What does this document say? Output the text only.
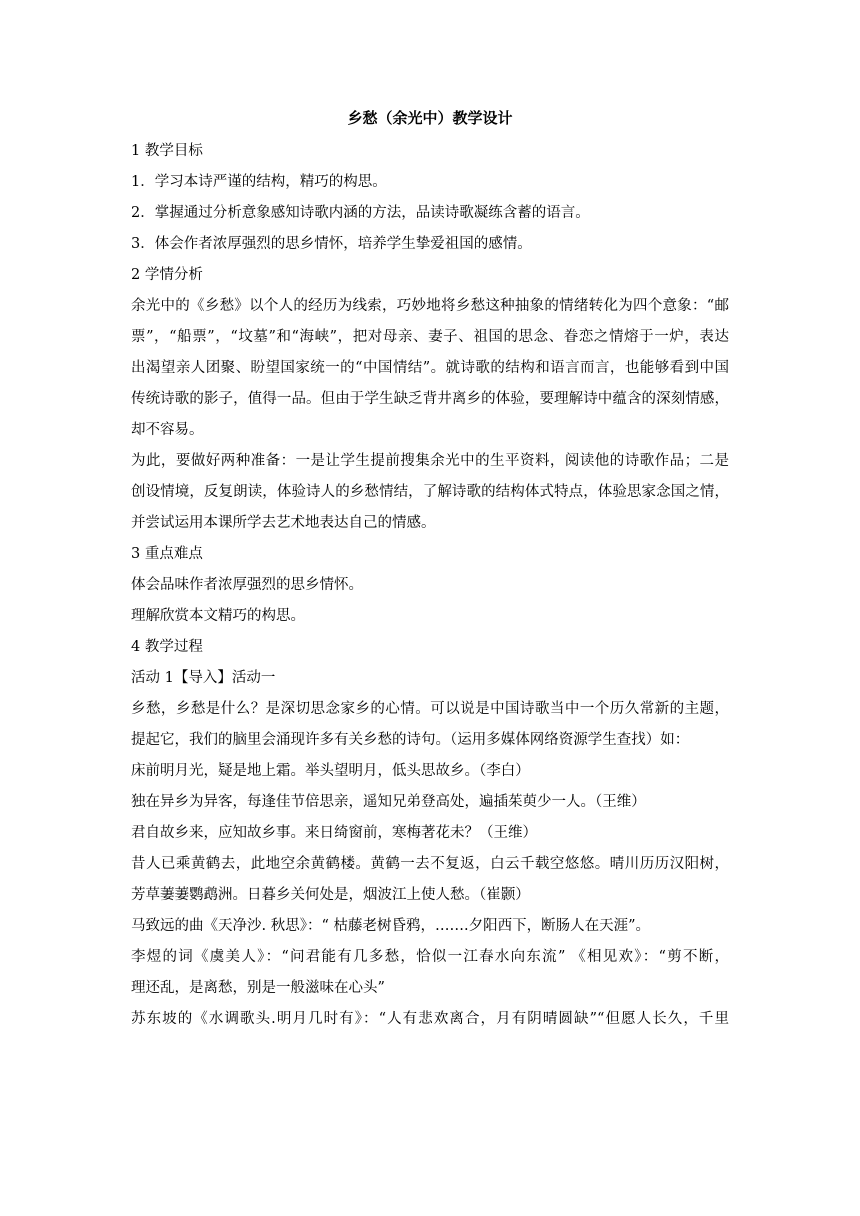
乡愁（余光中）教学设计
1 教学目标
1．学习本诗严谨的结构，精巧的构思。
2．掌握通过分析意象感知诗歌内涵的方法，品读诗歌凝练含蓄的语言。
3．体会作者浓厚强烈的思乡情怀，培养学生挚爱祖国的感情。
2 学情分析
余光中的《乡愁》以个人的经历为线索，巧妙地将乡愁这种抽象的情绪转化为四个意象：“邮
票”，“船票”，“坟墓”和“海峡”，把对母亲、妻子、祖国的思念、眷恋之情熔于一炉，表达
出渴望亲人团聚、盼望国家统一的“中国情结”。就诗歌的结构和语言而言，也能够看到中国
传统诗歌的影子，值得一品。但由于学生缺乏背井离乡的体验，要理解诗中蕴含的深刻情感，
却不容易。
为此，要做好两种准备：一是让学生提前搜集余光中的生平资料，阅读他的诗歌作品；二是
创设情境，反复朗读，体验诗人的乡愁情结，了解诗歌的结构体式特点，体验思家念国之情，
并尝试运用本课所学去艺术地表达自己的情感。
3 重点难点
体会品味作者浓厚强烈的思乡情怀。
理解欣赏本文精巧的构思。
4 教学过程
活动 1【导入】活动一
乡愁，乡愁是什么？是深切思念家乡的心情。可以说是中国诗歌当中一个历久常新的主题，
提起它，我们的脑里会涌现许多有关乡愁的诗句。（运用多媒体网络资源学生查找）如：
床前明月光，疑是地上霜。举头望明月，低头思故乡。（李白）
独在异乡为异客，每逢佳节倍思亲，遥知兄弟登高处，遍插茱萸少一人。（王维）
君自故乡来，应知故乡事。来日绮窗前，寒梅著花未？（王维）
昔人已乘黄鹤去，此地空余黄鹤楼。黄鹤一去不复返，白云千载空悠悠。晴川历历汉阳树，
芳草萋萋鹦鹉洲。日暮乡关何处是，烟波江上使人愁。（崔颢）
马致远的曲《天净沙. 秋思》：“ 枯藤老树昏鸦，…….夕阳西下，断肠人在天涯”。
李煜的词《虞美人》：“问君能有几多愁，恰似一江春水向东流” 《相见欢》：“剪不断，
理还乱，是离愁，别是一般滋味在心头”
苏东坡的《水调歌头.明月几时有》：“人有悲欢离合，月有阴晴圆缺”“但愿人长久，千里
